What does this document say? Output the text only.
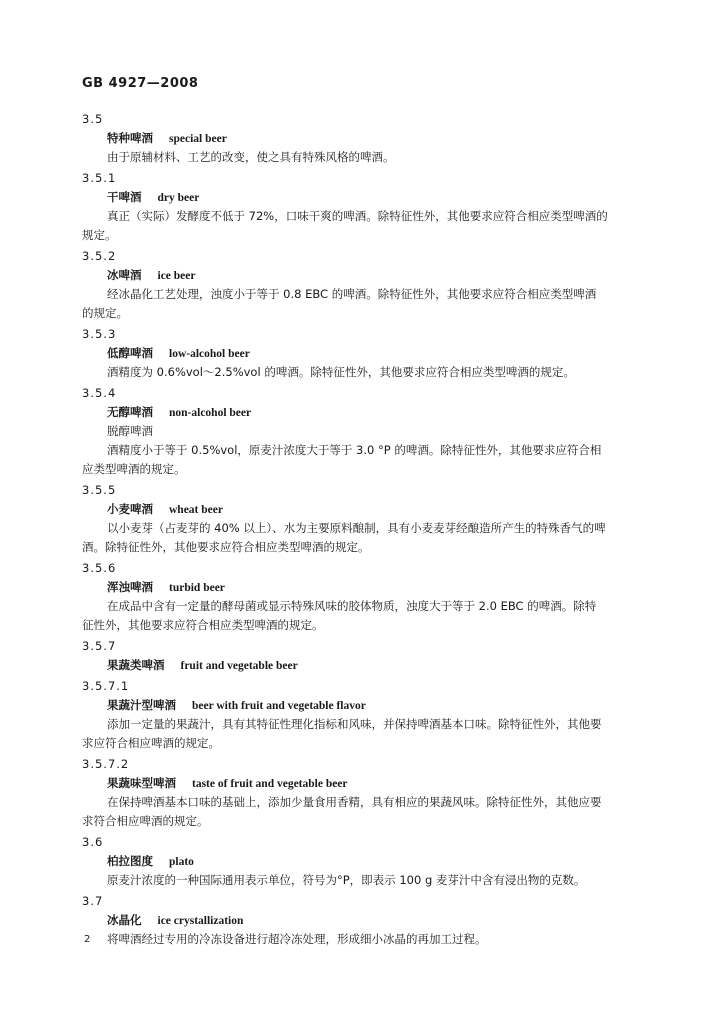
GB 4927—2008
3.5
特种啤酒 special beer
由于原辅材料、工艺的改变，使之具有特殊风格的啤酒。
3.5.1
干啤酒 dry beer
真正（实际）发酵度不低于 72%，口味干爽的啤酒。除特征性外，其他要求应符合相应类型啤酒的
规定。
3.5.2
冰啤酒 ice beer
经冰晶化工艺处理，浊度小于等于 0.8 EBC 的啤酒。除特征性外，其他要求应符合相应类型啤酒
的规定。
3.5.3
低醇啤酒 low-alcohol beer
酒精度为 0.6%vol～2.5%vol 的啤酒。除特征性外，其他要求应符合相应类型啤酒的规定。
3.5.4
无醇啤酒 non-alcohol beer
脱醇啤酒
酒精度小于等于 0.5%vol，原麦汁浓度大于等于 3.0 °P 的啤酒。除特征性外，其他要求应符合相
应类型啤酒的规定。
3.5.5
小麦啤酒 wheat beer
以小麦芽（占麦芽的 40% 以上）、水为主要原料酿制，具有小麦麦芽经酿造所产生的特殊香气的啤
酒。除特征性外，其他要求应符合相应类型啤酒的规定。
3.5.6
浑浊啤酒 turbid beer
在成品中含有一定量的酵母菌或显示特殊风味的胶体物质，浊度大于等于 2.0 EBC 的啤酒。除特
征性外，其他要求应符合相应类型啤酒的规定。
3.5.7
果蔬类啤酒 fruit and vegetable beer
3.5.7.1
果蔬汁型啤酒 beer with fruit and vegetable flavor
添加一定量的果蔬汁，具有其特征性理化指标和风味，并保持啤酒基本口味。除特征性外，其他要
求应符合相应啤酒的规定。
3.5.7.2
果蔬味型啤酒 taste of fruit and vegetable beer
在保持啤酒基本口味的基础上，添加少量食用香精，具有相应的果蔬风味。除特征性外，其他应要
求符合相应啤酒的规定。
3.6
柏拉图度 plato
原麦汁浓度的一种国际通用表示单位，符号为°P，即表示 100 g 麦芽汁中含有浸出物的克数。
3.7
冰晶化 ice crystallization
将啤酒经过专用的冷冻设备进行超冷冻处理，形成细小冰晶的再加工过程。
2
